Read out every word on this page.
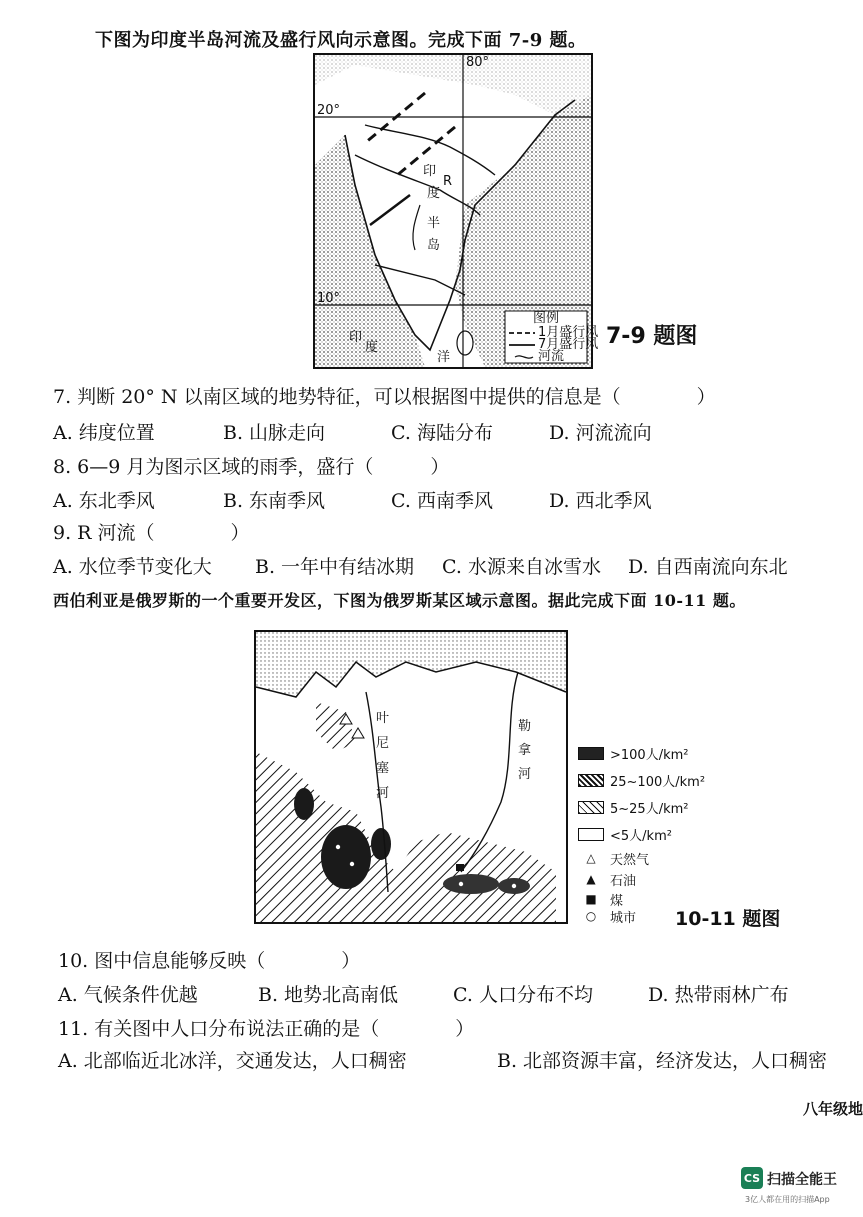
下图为印度半岛河流及盛行风向示意图。完成下面 7-9 题。
80°
20°
10°
印
度
半
岛
R
印
度
洋
图例
1月盛行风
7月盛行风
河流
7-9 题图
7. 判断 20° N 以南区域的地势特征，可以根据图中提供的信息是（　　　　）
A. 纬度位置	B. 山脉走向	C. 海陆分布	D. 河流流向
8. 6—9 月为图示区域的雨季，盛行（　　　）
A. 东北季风	B. 东南季风	C. 西南季风	D. 西北季风
9. R 河流（　　　　）
A. 水位季节变化大 B. 一年中有结冰期 C. 水源来自冰雪水 D. 自西南流向东北
西伯利亚是俄罗斯的一个重要开发区，下图为俄罗斯某区域示意图。据此完成下面 10-11 题。
叶
尼
塞
河
勒
拿
河
>100人/km²
25~100人/km²
5~25人/km²
<5人/km²
△	天然气
▲	石油
■	煤
○	城市 10-11 题图
10. 图中信息能够反映（　　　　）
A. 气候条件优越	B. 地势北高南低	C. 人口分布不均	D. 热带雨林广布
11. 有关图中人口分布说法正确的是（　　　　）
A. 北部临近北冰洋，交通发达，人口稠密	B. 北部资源丰富，经济发达，人口稠密
八年级地
CS 扫描全能王
3亿人都在用的扫描App
